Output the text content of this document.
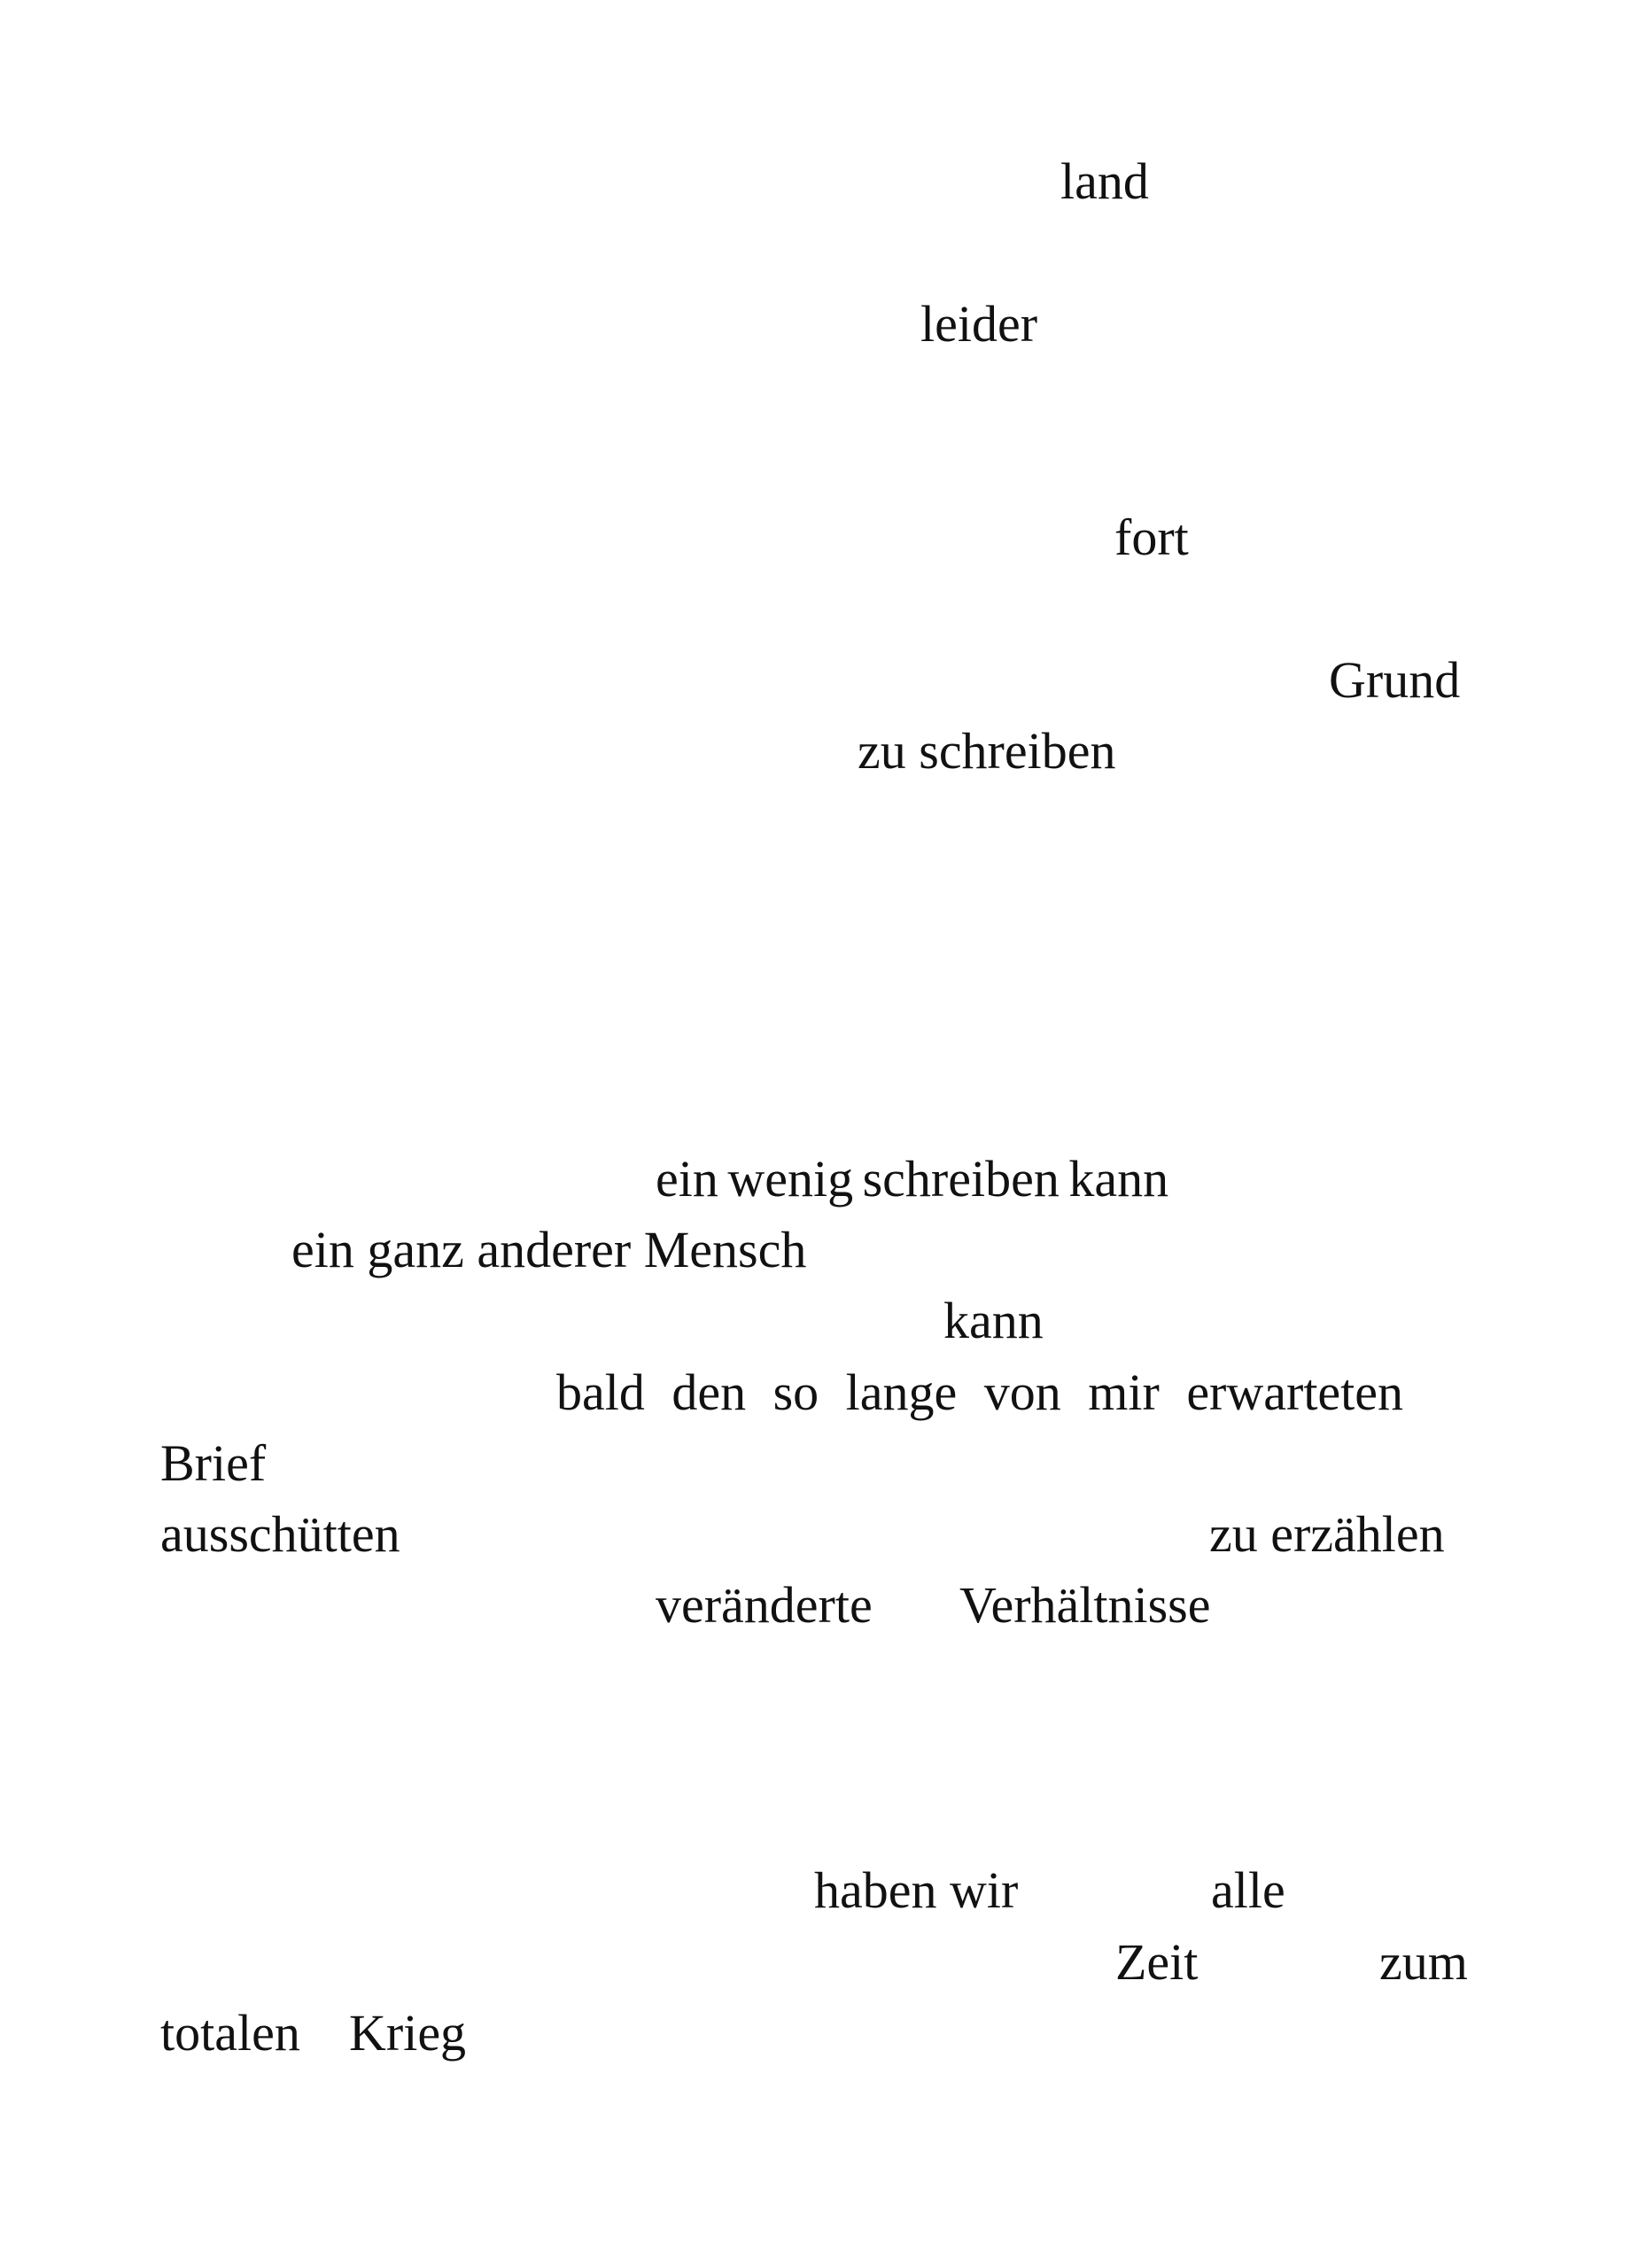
land

leider

fort

Grund

zu schreiben

ein wenig schreiben kann

ein ganz anderer Mensch

kann

bald den so lange von mir erwarteten

Brief

ausschütten	zu erzählen

veränderte Verhältnisse

haben wir	alle

Zeit	zum

totalen Krieg
